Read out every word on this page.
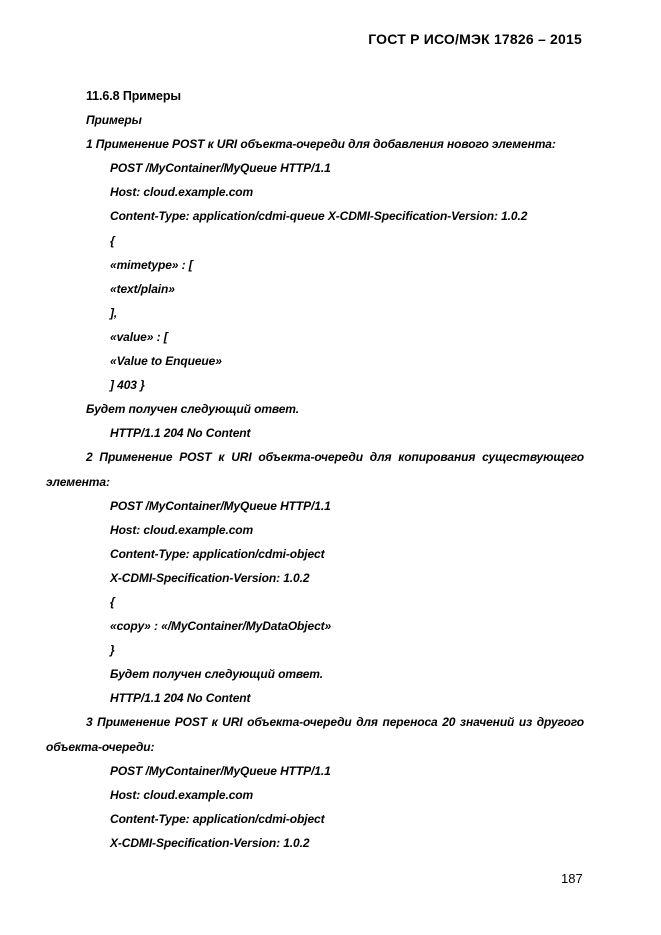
ГОСТ Р ИСО/МЭК 17826 – 2015
11.6.8 Примеры
Примеры
1 Применение POST к URI объекта-очереди для добавления нового элемента:
POST /MyContainer/MyQueue HTTP/1.1
Host: cloud.example.com
Content-Type: application/cdmi-queue X-CDMI-Specification-Version: 1.0.2
{
«mimetype» : [
«text/plain»
],
«value» : [
«Value to Enqueue»
] 403 }
Будет получен следующий ответ.
HTTP/1.1 204 No Content
2 Применение POST к URI объекта-очереди для копирования существующего элемента:
POST /MyContainer/MyQueue HTTP/1.1
Host: cloud.example.com
Content-Type: application/cdmi-object
X-CDMI-Specification-Version: 1.0.2
{
«copy» : «/MyContainer/MyDataObject»
}
Будет получен следующий ответ.
HTTP/1.1 204 No Content
3 Применение POST к URI объекта-очереди для переноса 20 значений из другого объекта-очереди:
POST /MyContainer/MyQueue HTTP/1.1
Host: cloud.example.com
Content-Type: application/cdmi-object
X-CDMI-Specification-Version: 1.0.2
187
